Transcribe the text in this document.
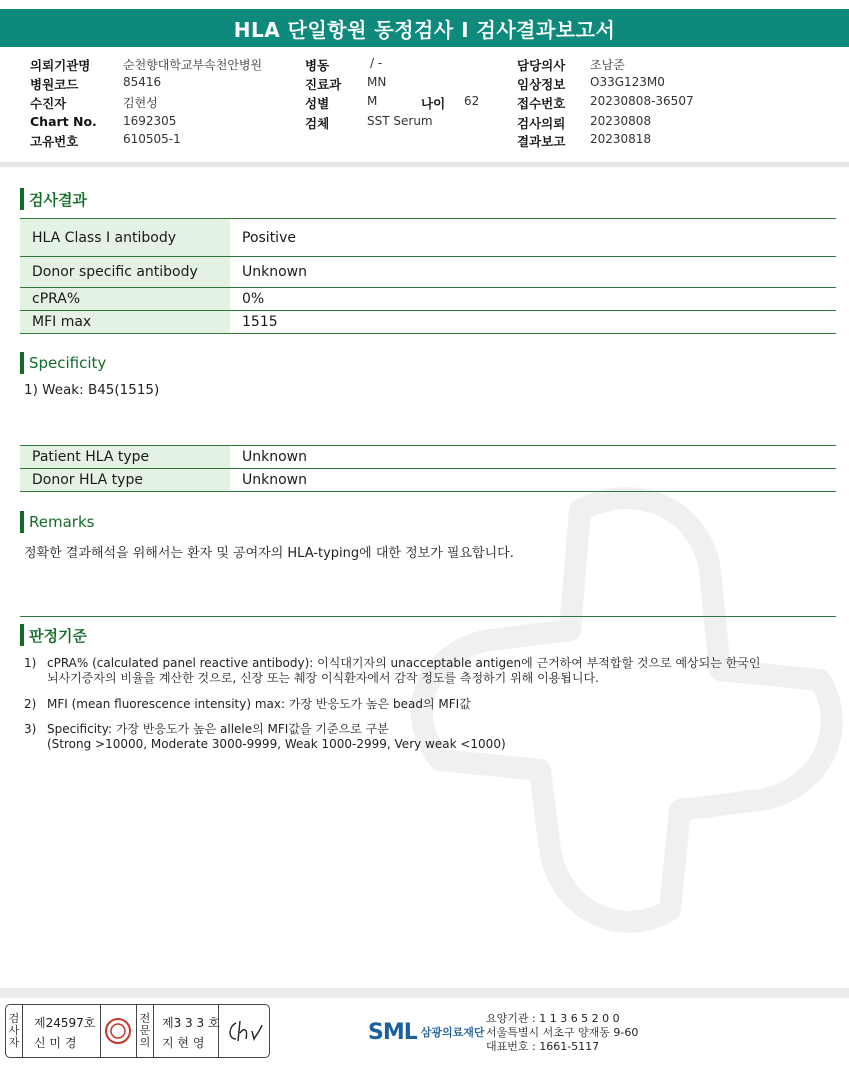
HLA 단일항원 동정검사 I 검사결과보고서
의뢰기관명	순천향대학교부속천안병원	병동	/ -	담당의사 조남준
병원코드	85416	진료과 MN	임상정보 O33G123M0
수진자	김현성	성별	M	나이 62	접수번호 20230808-36507
Chart No. 1692305	검체	SST Serum	검사의뢰 20230808
고유번호	610505-1	결과보고 20230818
검사결과
HLA Class I antibody	Positive
Donor specific antibody	Unknown
cPRA%	0%
MFI max	1515
Specificity
1) Weak: B45(1515)
Patient HLA type	Unknown
Donor HLA type	Unknown
Remarks
정확한 결과해석을 위해서는 환자 및 공여자의 HLA-typing에 대한 정보가 필요합니다.
판정기준
1) cPRA% (calculated panel reactive antibody): 이식대기자의 unacceptable antigen에 근거하여 부적합할 것으로 예상되는 한국인
뇌사기증자의 비율을 계산한 것으로, 신장 또는 췌장 이식환자에서 감작 정도를 측정하기 위해 이용됩니다.
2) MFI (mean fluorescence intensity) max: 가장 반응도가 높은 bead의 MFI값
3) Specificity: 가장 반응도가 높은 allele의 MFI값을 기준으로 구분
(Strong >10000, Moderate 3000-9999, Weak 1000-2999, Very weak <1000)
검
사
자
제24597호
신 미 경
전
문
의
제3 3 3 호
지 현 영	SML 삼광의료재단
요양기관 : 1 1 3 6 5 2 0 0
서울특별시 서초구 양재동 9-60
대표번호 : 1661-5117
